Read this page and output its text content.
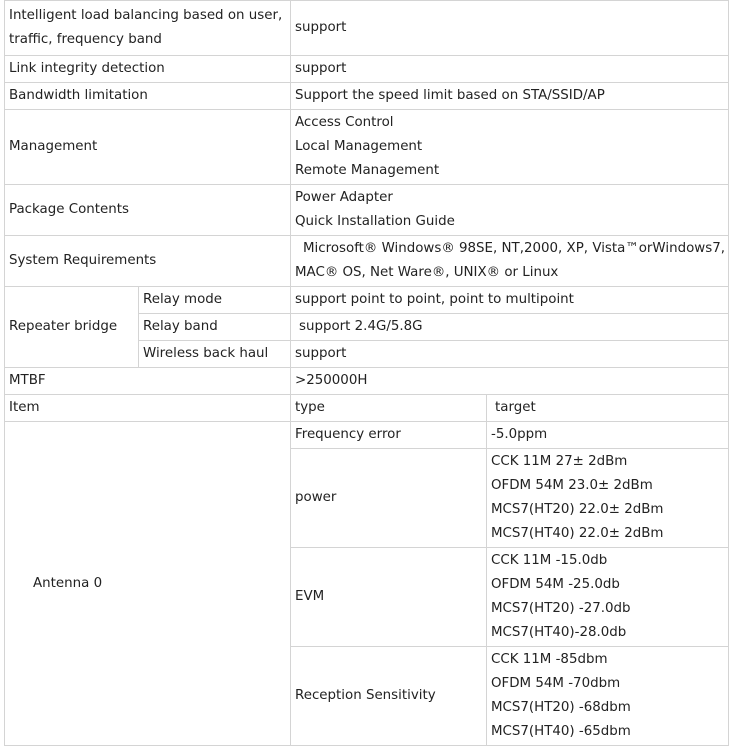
Intelligent load balancing based on user,
traffic, frequency band		support	
Link integrity detection		support	
Bandwidth limitation		Support the speed limit based on STA/SSID/AP	
Management		Access Control
Local Management
Remote Management	

Package Contents		Power Adapter
Quick Installation Guide	

System Requirements		Microsoft® Windows® 98SE, NT,2000, XP, Vista™orWindows7,
MAC® OS, Net Ware®, UNIX® or Linux	

Repeater bridge	Relay mode	support point to point, point to multipoint	
	Relay band	support 2.4G/5.8G	
	Wireless back haul	support	
MTBF		>250000H	
Item		type	target
Antenna 0		Frequency error	-5.0ppm
		power	CCK 11M 27± 2dBm
OFDM 54M 23.0± 2dBm
MCS7(HT20) 22.0± 2dBm
MCS7(HT40) 22.0± 2dBm

		EVM	CCK 11M -15.0db
OFDM 54M -25.0db
MCS7(HT20) -27.0db
MCS7(HT40)-28.0db

		Reception Sensitivity	CCK 11M -85dbm
OFDM 54M -70dbm
MCS7(HT20) -68dbm
MCS7(HT40) -65dbm
